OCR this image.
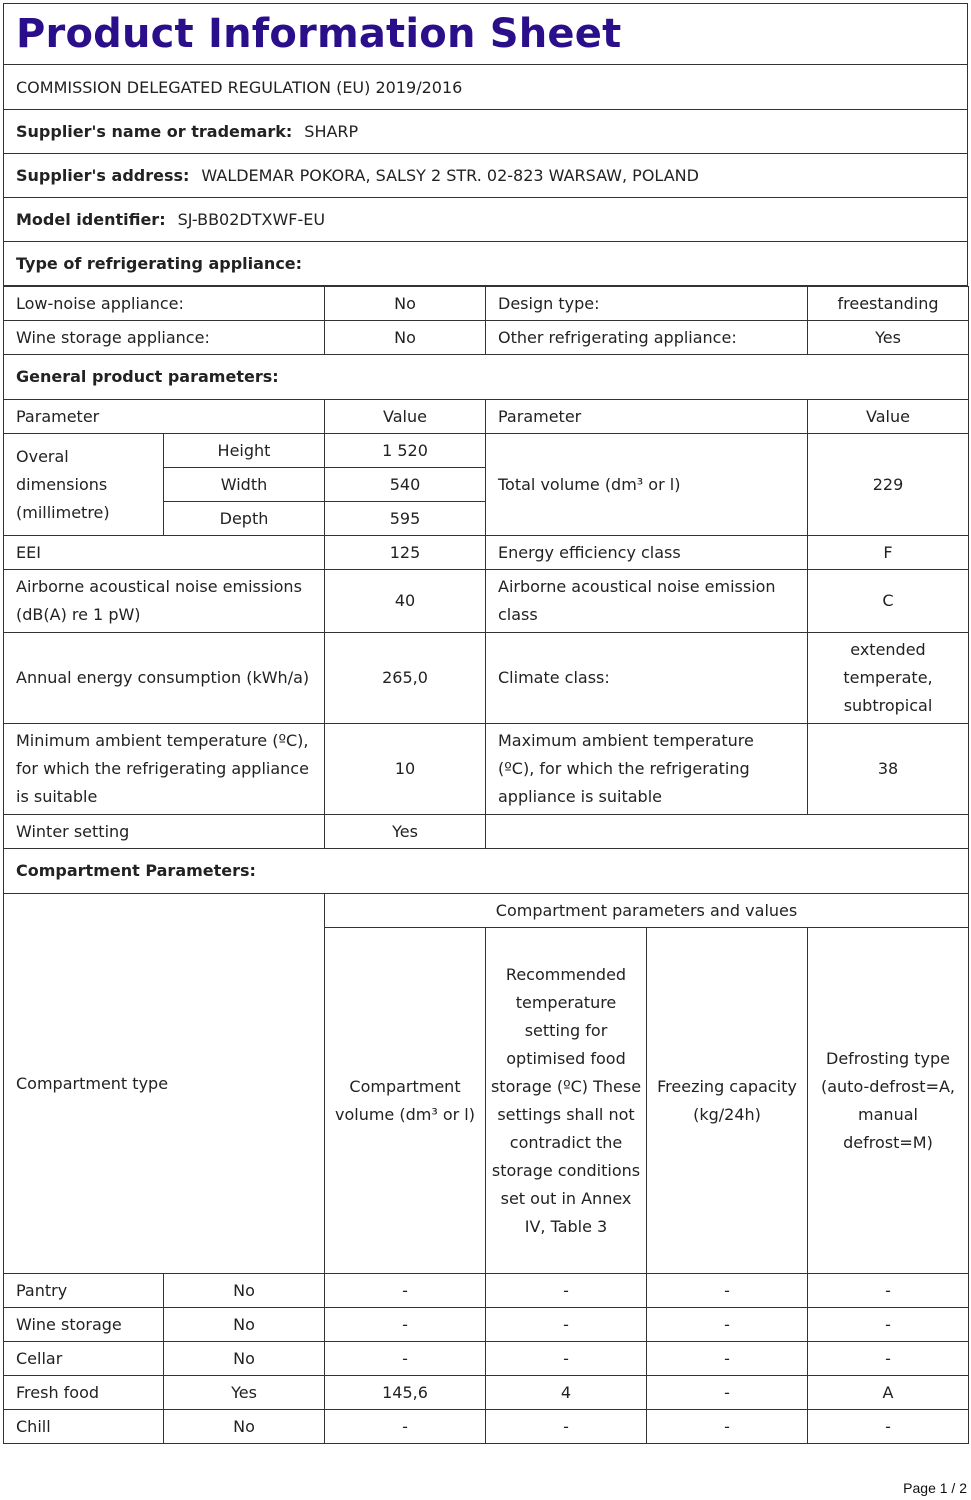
Product Information Sheet
COMMISSION DELEGATED REGULATION (EU) 2019/2016
Supplier's name or trademark: SHARP
Supplier's address: WALDEMAR POKORA, SALSY 2 STR. 02-823 WARSAW, POLAND
Model identifier: SJ-BB02DTXWF-EU
Type of refrigerating appliance:
Low-noise appliance:		No	Design type:		freestanding
Wine storage appliance:		No	Other refrigerating appliance:		Yes
General product parameters:					
Parameter		Value	Parameter		Value
Overal dimensions (millimetre)	Height	1 520	Total volume (dm³ or l)		229
	Width	540			
	Depth	595			
EEI		125	Energy efficiency class		F
Airborne acoustical noise emissions (dB(A) re 1 pW)		40	Airborne acoustical noise emission class		C
Annual energy consumption (kWh/a)		265,0	Climate class:		extended temperate, subtropical
Minimum ambient temperature (ºC), for which the refrigerating appliance is suitable		10	Maximum ambient temperature (ºC), for which the refrigerating appliance is suitable		38
Winter setting		Yes			
Compartment Parameters:					
Compartment type		Compartment parameters and values			
		Compartment volume (dm³ or l)	Recommended temperature setting for optimised food storage (ºC) These settings shall not contradict the storage conditions set out in Annex IV, Table 3	Freezing capacity (kg/24h)	Defrosting type (auto-defrost=A, manual defrost=M)
Pantry	No	-	-	-	-
Wine storage	No	-	-	-	-
Cellar	No	-	-	-	-
Fresh food	Yes	145,6	4	-	A
Chill	No	-	-	-	-
Page 1 / 2
